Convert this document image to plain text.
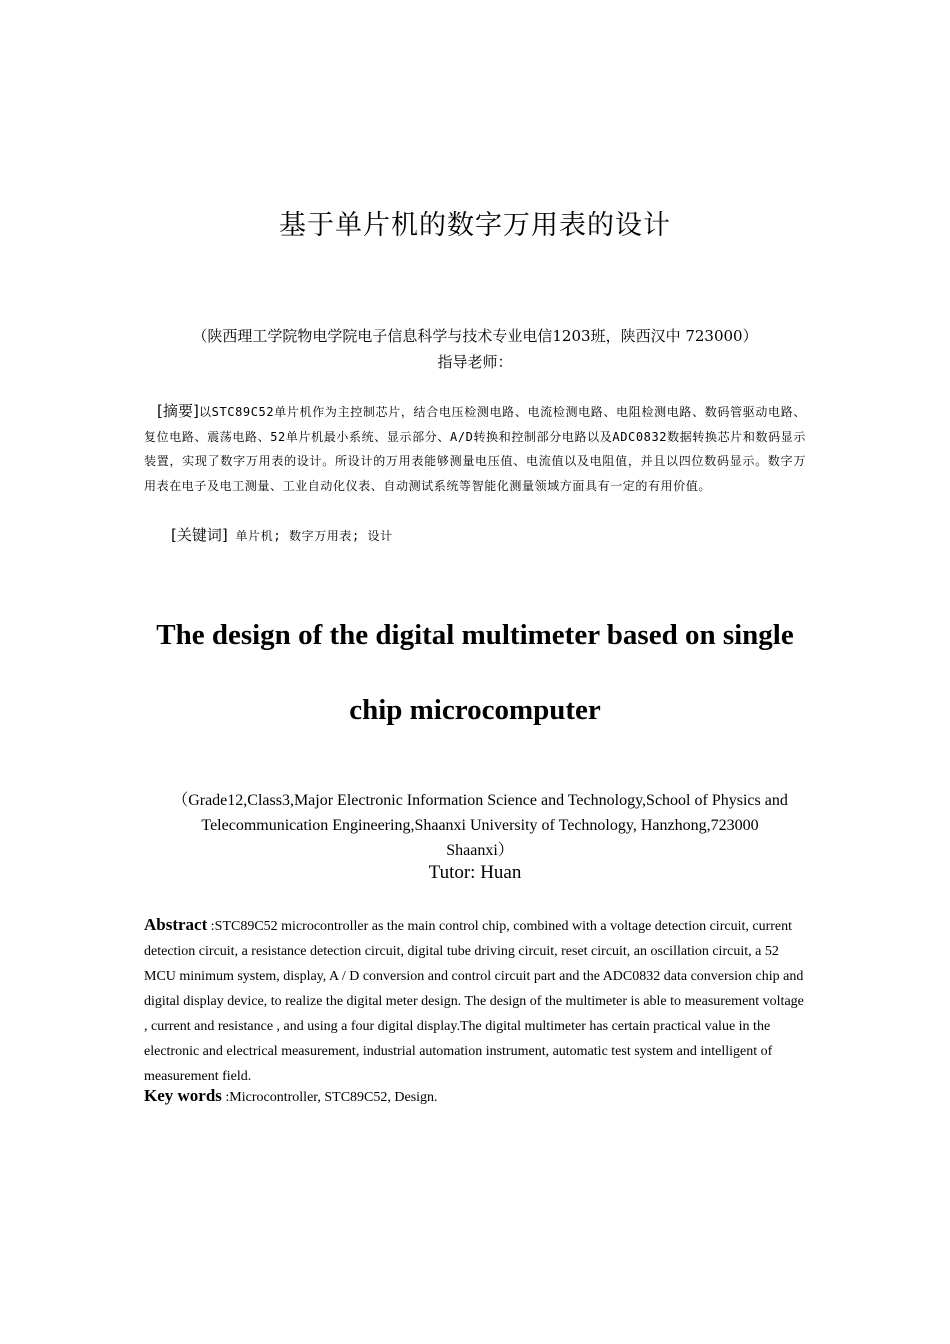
基于单片机的数字万用表的设计
（陕西理工学院物电学院电子信息科学与技术专业电信1203班，陕西汉中 723000）
指导老师：

[摘要]以STC89C52单片机作为主控制芯片，结合电压检测电路、电流检测电路、电阻检测电路、数码管驱动电路、复位电路、震荡电路、52单片机最小系统、显示部分、A/D转换和控制部分电路以及ADC0832数据转换芯片和数码显示装置，实现了数字万用表的设计。所设计的万用表能够测量电压值、电流值以及电阻值，并且以四位数码显示。数字万用表在电子及电工测量、工业自动化仪表、自动测试系统等智能化测量领域方面具有一定的有用价值。

[关键词] 单片机; 数字万用表; 设计

The design of the digital multimeter based on single
chip microcomputer
（Grade12,Class3,Major Electronic Information Science and Technology,School of Physics and
Telecommunication Engineering,Shaanxi University of Technology, Hanzhong,723000
Shaanxi）
Tutor: Huan

Abstract :STC89C52 microcontroller as the main control chip, combined with a voltage detection circuit, current detection circuit, a resistance detection circuit, digital tube driving circuit, reset circuit, an oscillation circuit, a 52 MCU minimum system, display, A / D conversion and control circuit part and the ADC0832 data conversion chip and digital display device, to realize the digital meter design. The design of the multimeter is able to measurement voltage , current and resistance , and using a four digital display.The digital multimeter has certain practical value in the electronic and electrical measurement, industrial automation instrument, automatic test system and intelligent of measurement field.

Key words :Microcontroller, STC89C52, Design.
